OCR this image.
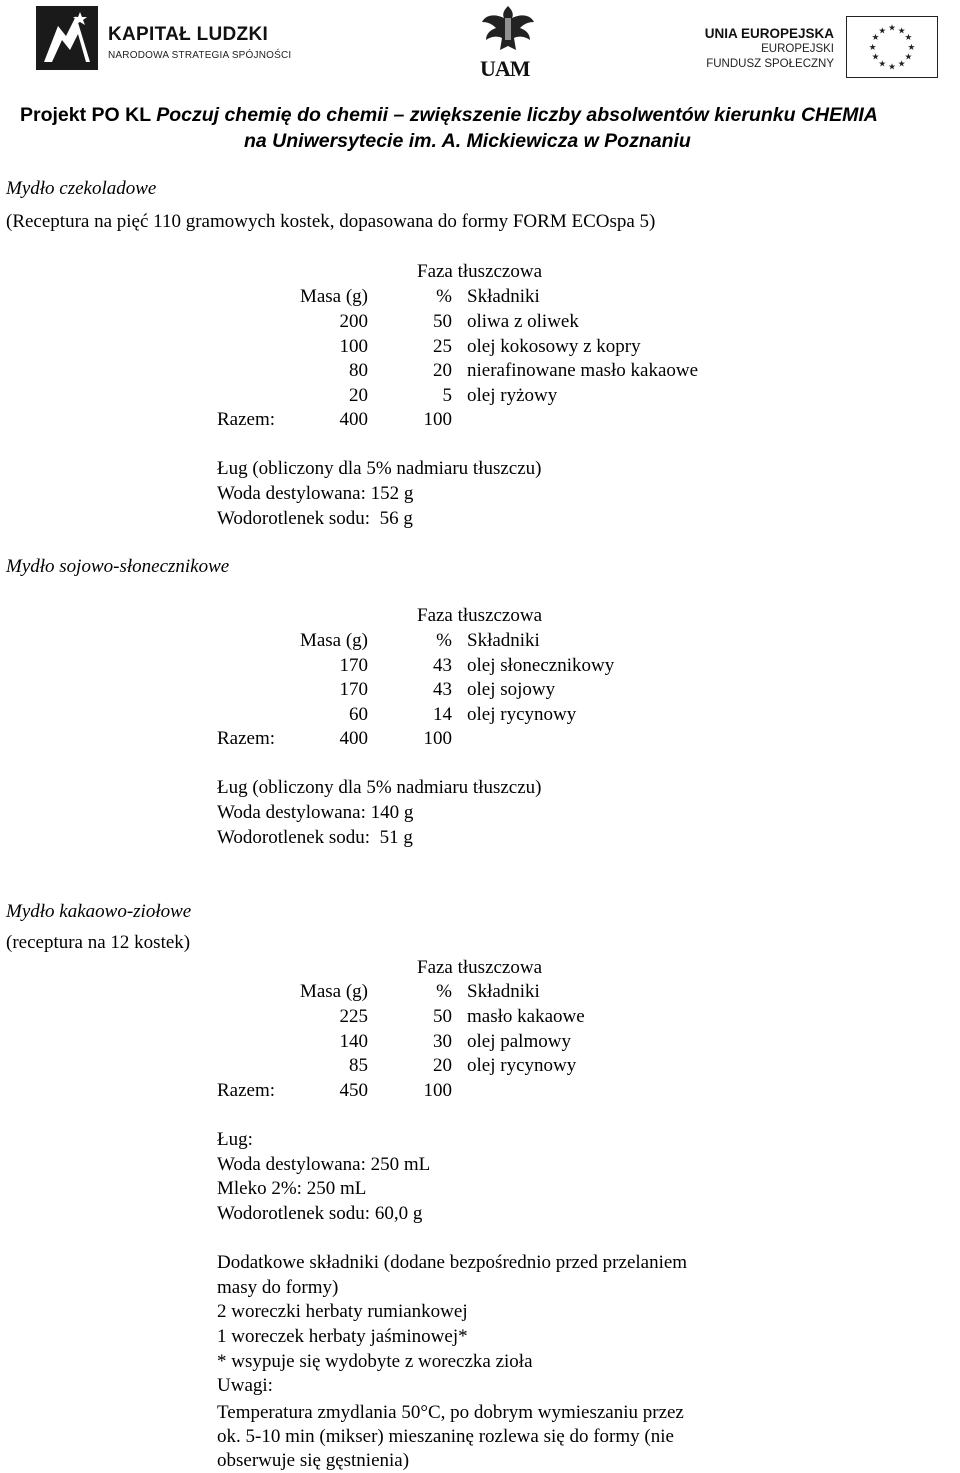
KAPITAŁ LUDZKI
NARODOWA STRATEGIA SPÓJNOŚCI
UAM
UNIA EUROPEJSKA
EUROPEJSKI
FUNDUSZ SPOŁECZNY
★ ★
★
★
★
★
★
★
★
★
★
★
Projekt PO KL Poczuj chemię do chemii – zwiększenie liczby absolwentów kierunku CHEMIA
na Uniwersytecie im. A. Mickiewicza w Poznaniu
Mydło czekoladowe
(Receptura na pięć 110 gramowych kostek, dopasowana do formy FORM ECOspa 5)
Faza tłuszczowa
Masa (g)	% Składniki
200	50 oliwa z oliwek
100	25 olej kokosowy z kopry
80	20 nierafinowane masło kakaowe
20	5 olej ryżowy
Razem:	400	100
Ług (obliczony dla 5% nadmiaru tłuszczu)
Woda destylowana: 152 g
Wodorotlenek sodu:  56 g
Mydło sojowo-słonecznikowe
Faza tłuszczowa
Masa (g)	% Składniki
170	43 olej słonecznikowy
170	43 olej sojowy
60	14 olej rycynowy
Razem:	400	100
Ług (obliczony dla 5% nadmiaru tłuszczu)
Woda destylowana: 140 g
Wodorotlenek sodu:  51 g
Mydło kakaowo-ziołowe
(receptura na 12 kostek)
Faza tłuszczowa
Masa (g)	% Składniki
225	50 masło kakaowe
140	30 olej palmowy
85	20 olej rycynowy
Razem:	450	100
Ług:
Woda destylowana: 250 mL
Mleko 2%: 250 mL
Wodorotlenek sodu: 60,0 g
Dodatkowe składniki (dodane bezpośrednio przed przelaniem
masy do formy)
2 woreczki herbaty rumiankowej
1 woreczek herbaty jaśminowej*
* wsypuje się wydobyte z woreczka zioła
Uwagi:
Temperatura zmydlania 50°C, po dobrym wymieszaniu przez
ok. 5-10 min (mikser) mieszaninę rozlewa się do formy (nie
obserwuje się gęstnienia)
